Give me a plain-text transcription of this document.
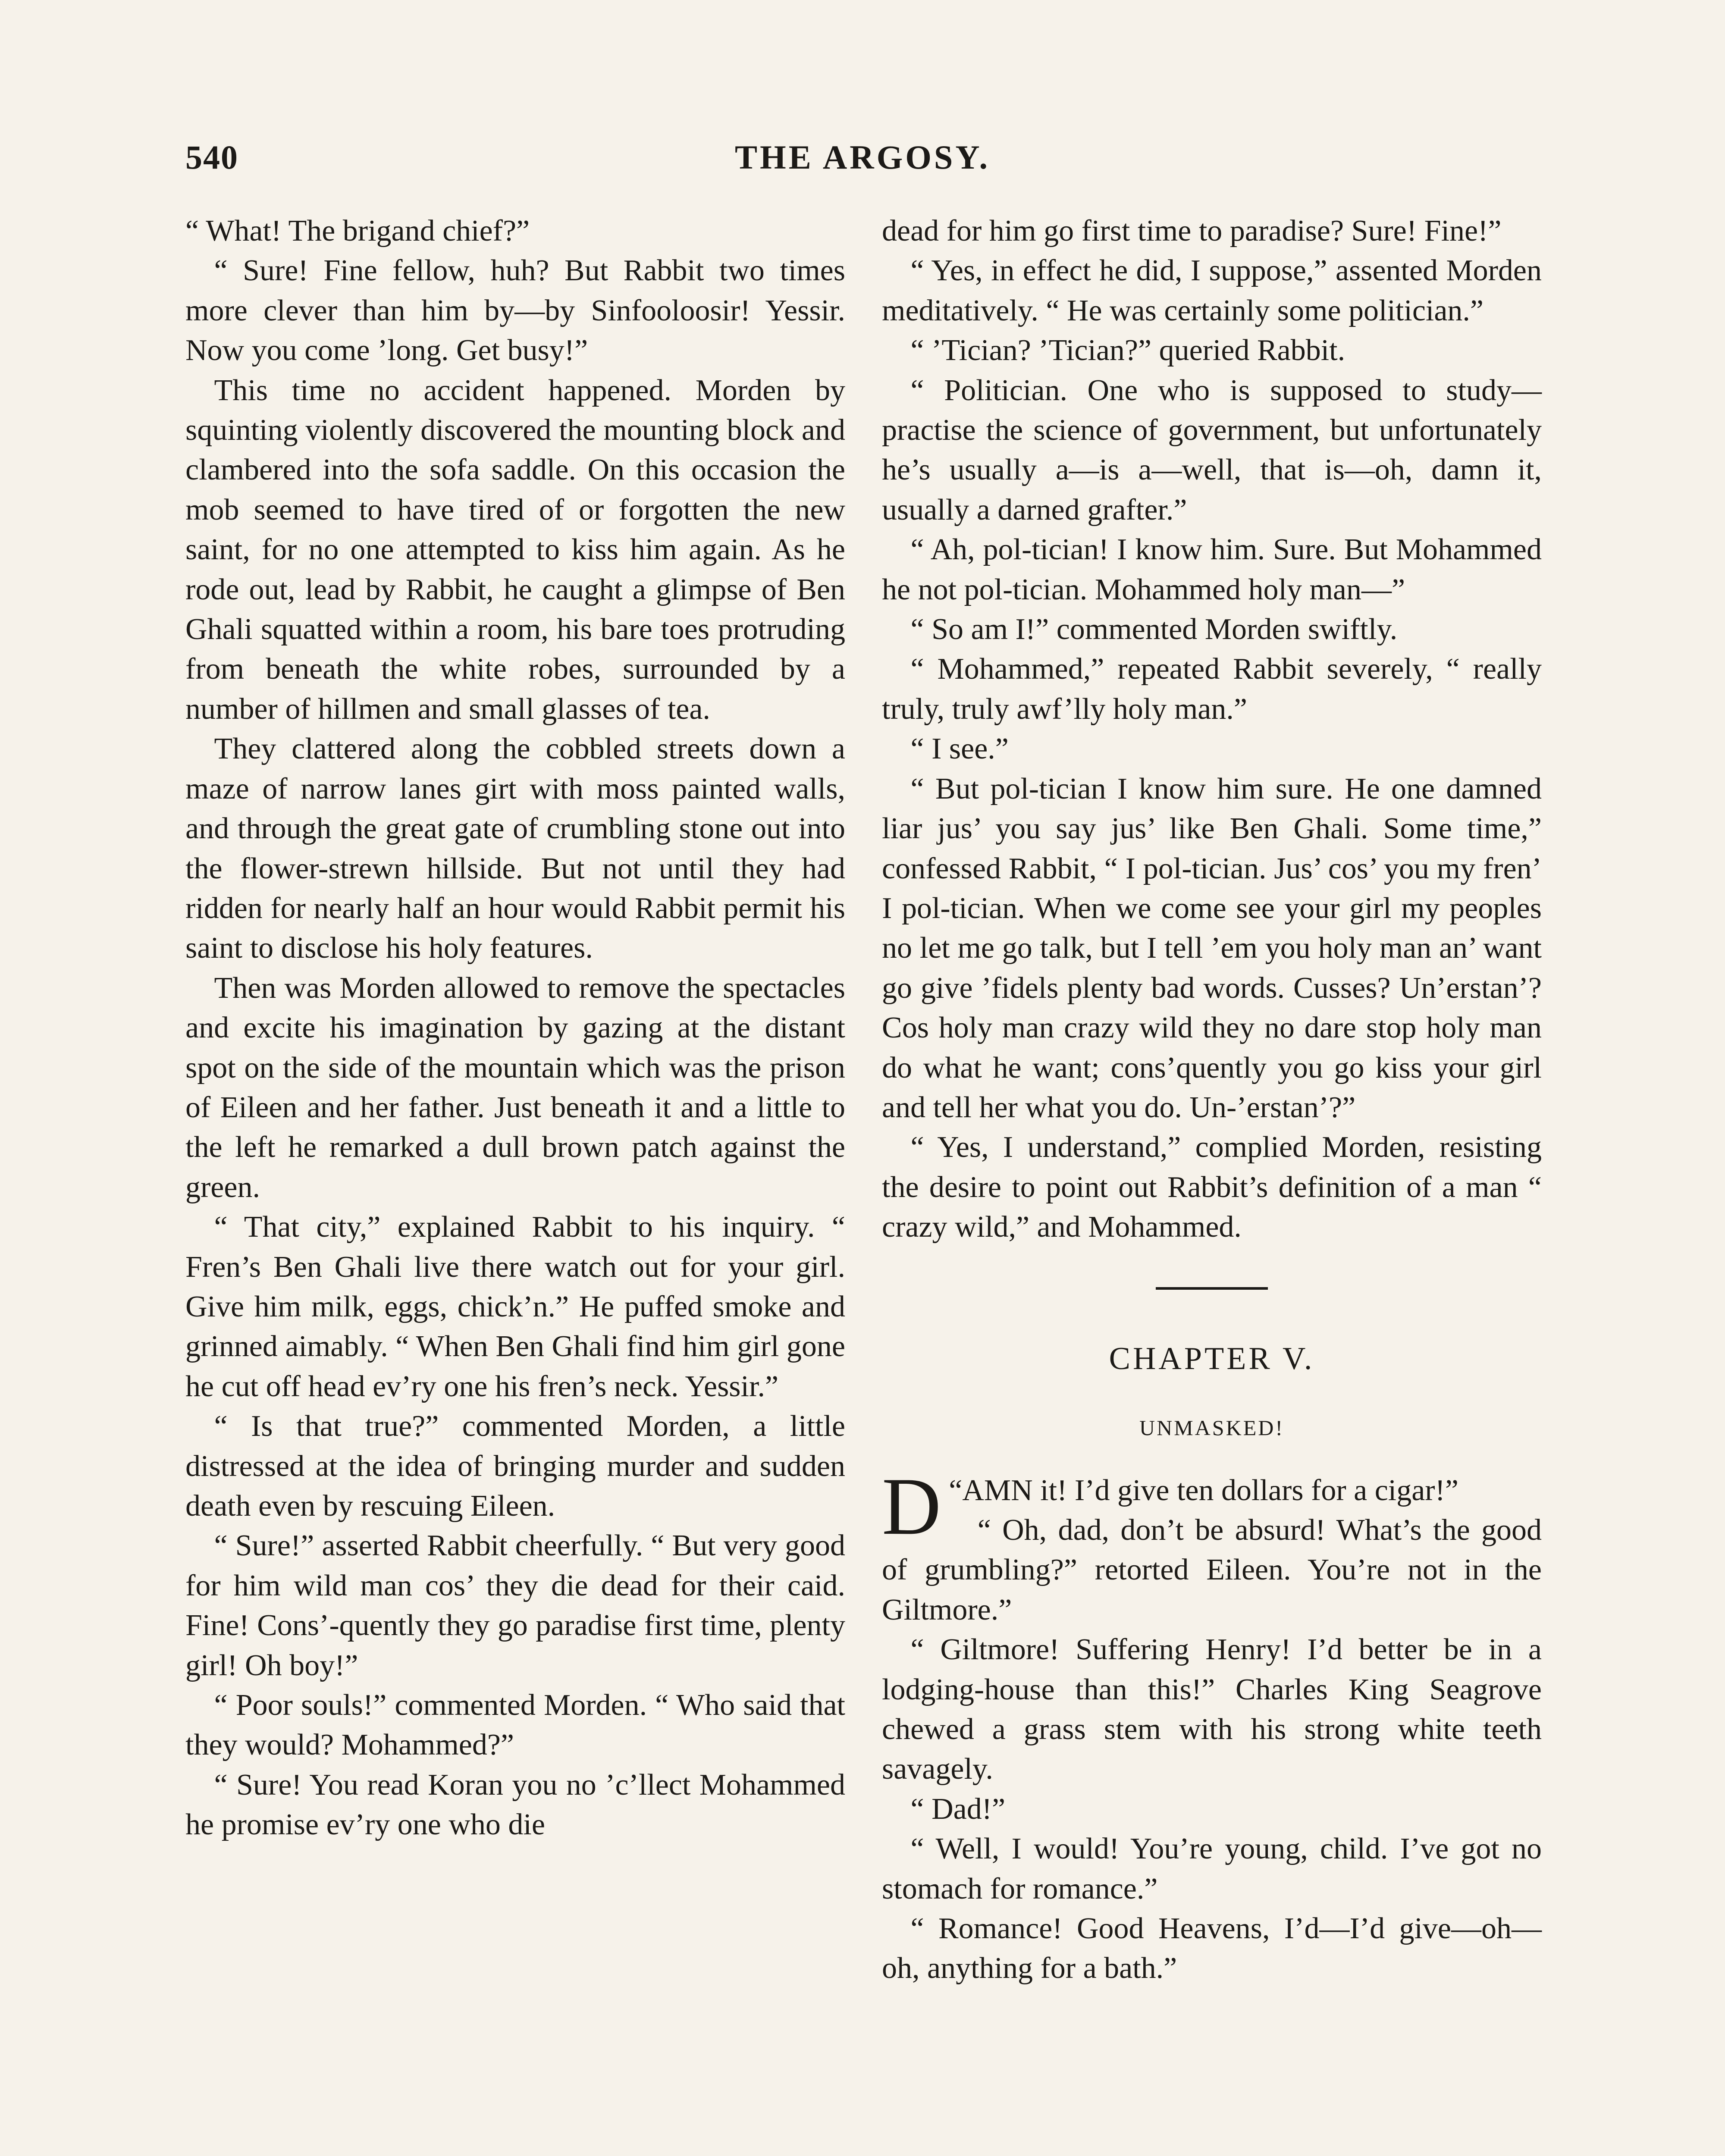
540	THE ARGOSY.

“ What! The brigand chief?”

“ Sure! Fine fellow, huh? But Rabbit two times more clever than him by—by Sinfooloosir! Yessir. Now you come ’long. Get busy!”

This time no accident happened. Morden by squinting violently discovered the mounting block and clambered into the sofa saddle. On this occasion the mob seemed to have tired of or forgotten the new saint, for no one attempted to kiss him again. As he rode out, lead by Rabbit, he caught a glimpse of Ben Ghali squatted within a room, his bare toes protruding from beneath the white robes, surrounded by a number of hillmen and small glasses of tea.

They clattered along the cobbled streets down a maze of narrow lanes girt with moss painted walls, and through the great gate of crumbling stone out into the flower-strewn hillside. But not until they had ridden for nearly half an hour would Rabbit permit his saint to disclose his holy features.

Then was Morden allowed to remove the spectacles and excite his imagination by gazing at the distant spot on the side of the mountain which was the prison of Eileen and her father. Just beneath it and a little to the left he remarked a dull brown patch against the green.

“ That city,” explained Rabbit to his inquiry. “ Fren’s Ben Ghali live there watch out for your girl. Give him milk, eggs, chick’n.” He puffed smoke and grinned aimably. “ When Ben Ghali find him girl gone he cut off head ev’ry one his fren’s neck. Yessir.”

“ Is that true?” commented Morden, a little distressed at the idea of bringing murder and sudden death even by rescuing Eileen.

“ Sure!” asserted Rabbit cheerfully. “ But very good for him wild man cos’ they die dead for their caid. Fine! Cons’-quently they go paradise first time, plenty girl! Oh boy!”

“ Poor souls!” commented Morden. “ Who said that they would? Mohammed?”

“ Sure! You read Koran you no ’c’llect Mohammed he promise ev’ry one who die

dead for him go first time to paradise? Sure! Fine!”

“ Yes, in effect he did, I suppose,” assented Morden meditatively. “ He was certainly some politician.”

“ ’Tician? ’Tician?” queried Rabbit.

“ Politician. One who is supposed to study—practise the science of government, but unfortunately he’s usually a—is a—well, that is—oh, damn it, usually a darned grafter.”

“ Ah, pol-tician! I know him. Sure. But Mohammed he not pol-tician. Mohammed holy man—”

“ So am I!” commented Morden swiftly.

“ Mohammed,” repeated Rabbit severely, “ really truly, truly awf’lly holy man.”

“ I see.”

“ But pol-tician I know him sure. He one damned liar jus’ you say jus’ like Ben Ghali. Some time,” confessed Rabbit, “ I pol-tician. Jus’ cos’ you my fren’ I pol-tician. When we come see your girl my peoples no let me go talk, but I tell ’em you holy man an’ want go give ’fidels plenty bad words. Cusses? Un’erstan’? Cos holy man crazy wild they no dare stop holy man do what he want; cons’quently you go kiss your girl and tell her what you do. Un-’erstan’?”

“ Yes, I understand,” complied Morden, resisting the desire to point out Rabbit’s definition of a man “ crazy wild,” and Mohammed.

CHAPTER V.
UNMASKED!

“
D AMN it! I’d give ten dollars for a cigar!”

“ Oh, dad, don’t be absurd! What’s the good of grumbling?” retorted Eileen. You’re not in the Giltmore.”

“ Giltmore! Suffering Henry! I’d better be in a lodging-house than this!” Charles King Seagrove chewed a grass stem with his strong white teeth savagely.

“ Dad!”

“ Well, I would! You’re young, child. I’ve got no stomach for romance.”

“ Romance! Good Heavens, I’d—I’d give—oh—oh, anything for a bath.”
